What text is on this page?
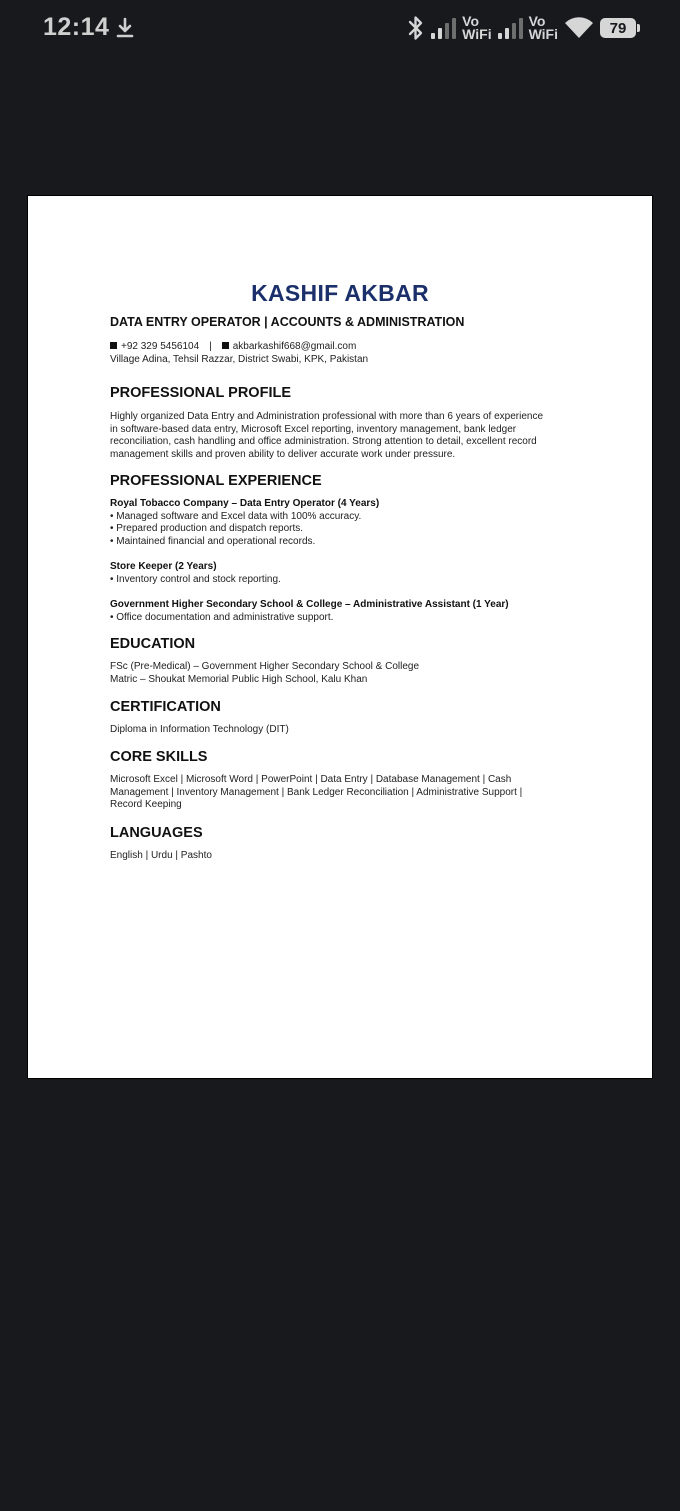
12:14	Vo
WiFi
Vo
WiFi	79
KASHIF AKBAR
DATA ENTRY OPERATOR | ACCOUNTS & ADMINISTRATION
+92 329 5456104 | akbarkashif668@gmail.com
Village Adina, Tehsil Razzar, District Swabi, KPK, Pakistan
PROFESSIONAL PROFILE
Highly organized Data Entry and Administration professional with more than 6 years of experience
in software-based data entry, Microsoft Excel reporting, inventory management, bank ledger
reconciliation, cash handling and office administration. Strong attention to detail, excellent record
management skills and proven ability to deliver accurate work under pressure.
PROFESSIONAL EXPERIENCE
Royal Tobacco Company – Data Entry Operator (4 Years)
• Managed software and Excel data with 100% accuracy.
• Prepared production and dispatch reports.
• Maintained financial and operational records.
Store Keeper (2 Years)
• Inventory control and stock reporting.
Government Higher Secondary School & College – Administrative Assistant (1 Year)
• Office documentation and administrative support.
EDUCATION
FSc (Pre-Medical) – Government Higher Secondary School & College
Matric – Shoukat Memorial Public High School, Kalu Khan
CERTIFICATION
Diploma in Information Technology (DIT)
CORE SKILLS
Microsoft Excel | Microsoft Word | PowerPoint | Data Entry | Database Management | Cash
Management | Inventory Management | Bank Ledger Reconciliation | Administrative Support |
Record Keeping
LANGUAGES
English | Urdu | Pashto
